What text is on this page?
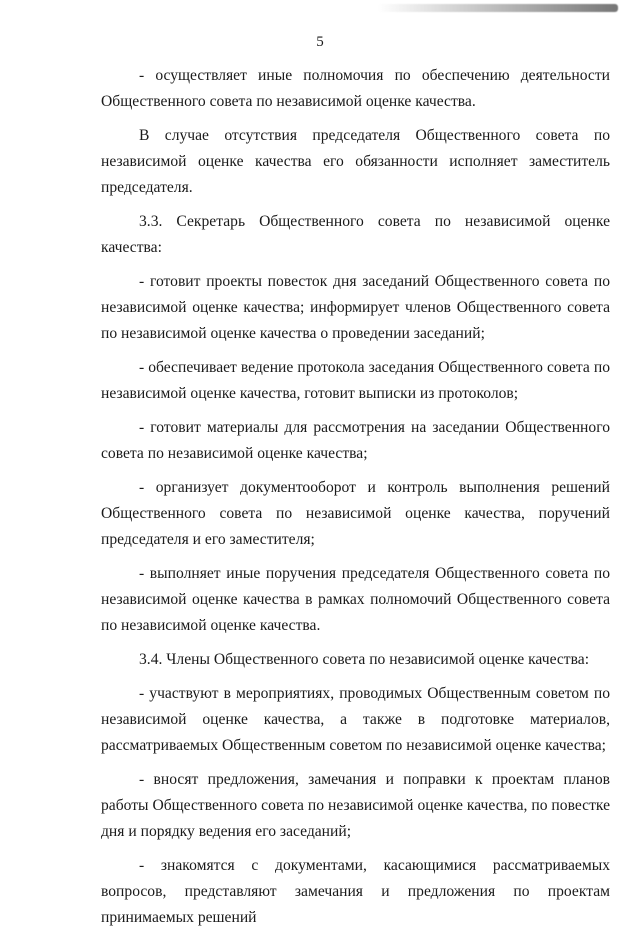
5

- осуществляет иные полномочия по обеспечению деятельности Общественного совета по независимой оценке качества.

В случае отсутствия председателя Общественного совета по независимой оценке качества его обязанности исполняет заместитель председателя.

3.3. Секретарь Общественного совета по независимой оценке качества:

- готовит проекты повесток дня заседаний Общественного совета по независимой оценке качества; информирует членов Общественного совета по независимой оценке качества о проведении заседаний;

- обеспечивает ведение протокола заседания Общественного совета по независимой оценке качества, готовит выписки из протоколов;

- готовит материалы для рассмотрения на заседании Общественного совета по независимой оценке качества;

- организует документооборот и контроль выполнения решений Общественного совета по независимой оценке качества, поручений председателя и его заместителя;

- выполняет иные поручения председателя Общественного совета по независимой оценке качества в рамках полномочий Общественного совета по независимой оценке качества.

3.4. Члены Общественного совета по независимой оценке качества:

- участвуют в мероприятиях, проводимых Общественным советом по независимой оценке качества, а также в подготовке материалов, рассматриваемых Общественным советом по независимой оценке качества;

- вносят предложения, замечания и поправки к проектам планов работы Общественного совета по независимой оценке качества, по повестке дня и порядку ведения его заседаний;

- знакомятся с документами, касающимися рассматриваемых вопросов, представляют замечания и предложения по проектам принимаемых решений
